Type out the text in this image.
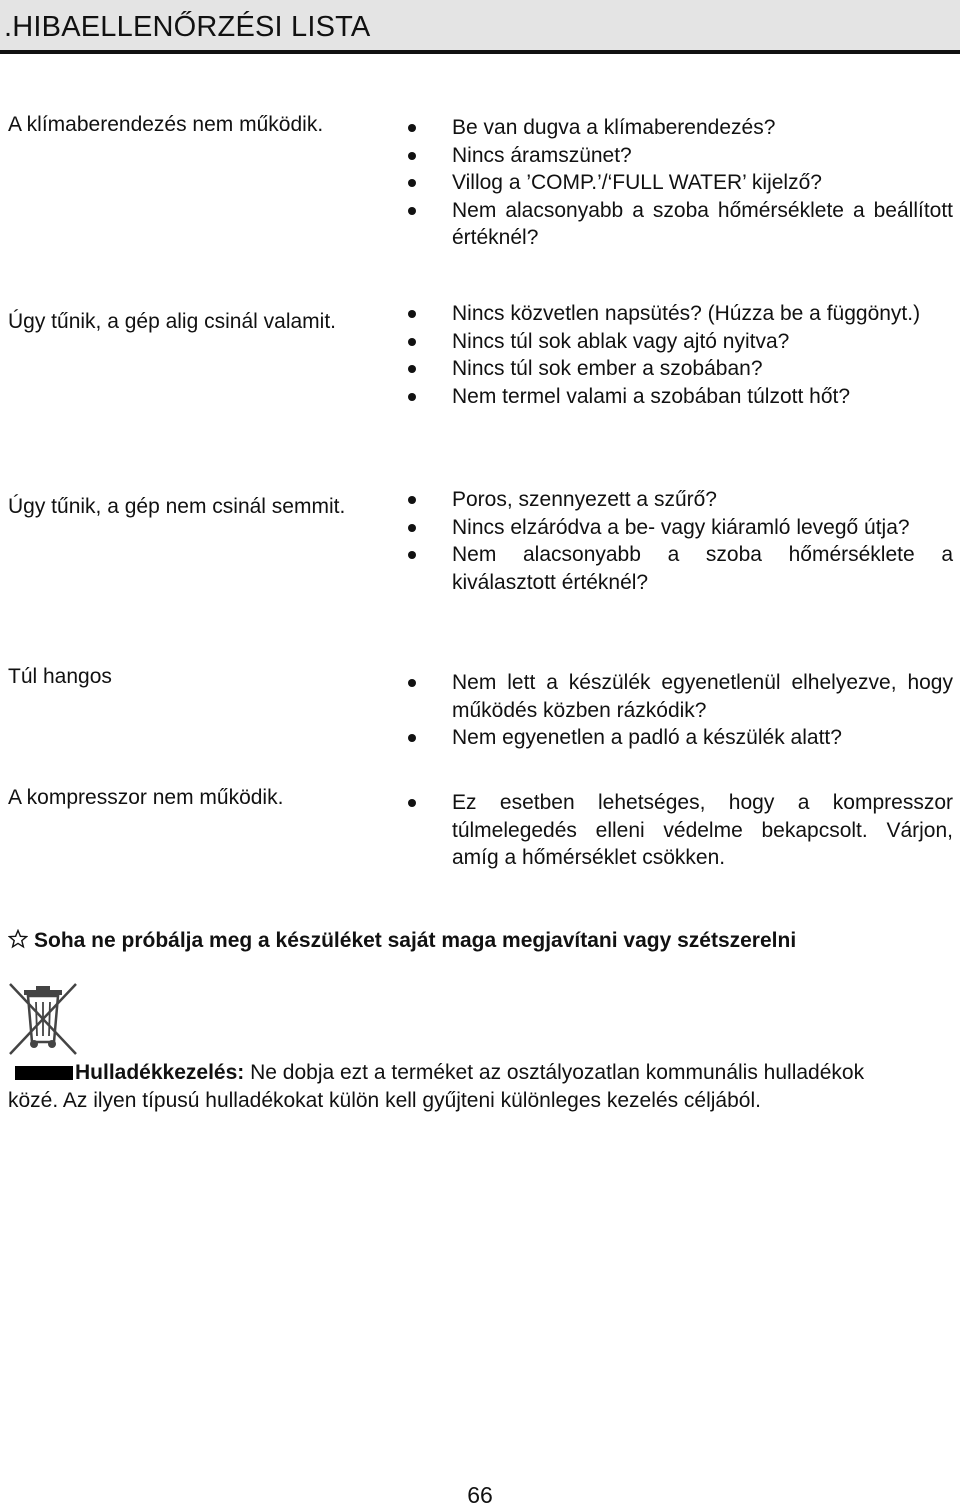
.HIBAELLENŐRZÉSI LISTA
A klímaberendezés nem működik.	Be van dugva a klímaberendezés?
Nincs áramszünet?
Villog a ’COMP.’/‘FULL WATER’ kijelző?
Nem alacsonyabb a szoba hőmérséklete a beállított értéknél?
Úgy tűnik, a gép alig csinál valamit.	Nincs közvetlen napsütés? (Húzza be a függönyt.)
Nincs túl sok ablak vagy ajtó nyitva?
Nincs túl sok ember a szobában?
Nem termel valami a szobában túlzott hőt?
Úgy tűnik, a gép nem csinál semmit.	Poros, szennyezett a szűrő?
Nincs elzáródva a be- vagy kiáramló levegő útja?
Nem alacsonyabb a szoba hőmérséklete a kiválasztott értéknél?
Túl hangos	Nem lett a készülék egyenetlenül elhelyezve, hogy működés közben rázkódik?
Nem egyenetlen a padló a készülék alatt?
A kompresszor nem működik.	Ez esetben lehetséges, hogy a kompresszor túlmelegedés elleni védelme bekapcsolt. Várjon, amíg a hőmérséklet csökken.
Soha ne próbálja meg a készüléket saját maga megjavítani vagy szétszerelni
Hulladékkezelés: Ne dobja ezt a terméket az osztályozatlan kommunális hulladékok közé. Az ilyen típusú hulladékokat külön kell gyűjteni különleges kezelés céljából.
66
